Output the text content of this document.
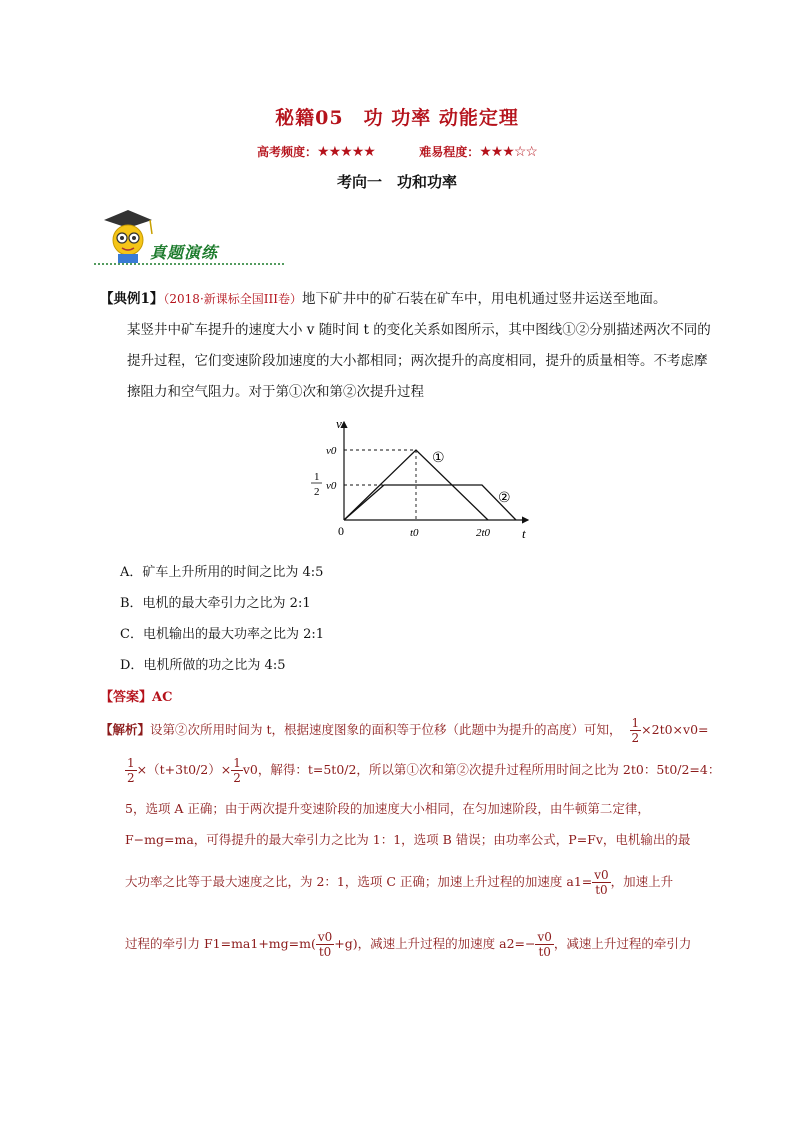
秘籍05　功 功率 动能定理
高考频度：★★★★★	难易程度：★★★☆☆
考向一　功和功率
真题演练
【典例1】（2018·新课标全国III卷）地下矿井中的矿石装在矿车中，用电机通过竖井运送至地面。
某竖井中矿车提升的速度大小 v 随时间 t 的变化关系如图所示，其中图线①②分别描述两次不同的
提升过程，它们变速阶段加速度的大小都相同；两次提升的高度相同，提升的质量相等。不考虑摩
擦阻力和空气阻力。对于第①次和第②次提升过程
v
t
0
v0
1
2 v0
t0	2t0
①
②
A．矿车上升所用的时间之比为 4:5
B．电机的最大牵引力之比为 2:1
C．电机输出的最大功率之比为 2:1
D．电机所做的功之比为 4:5
【答案】AC
【解析】设第②次所用时间为 t，根据速度图象的面积等于位移（此题中为提升的高度）可知， $\frac{1}{2} \times 2t0\times v0=$
$\frac{1}{2} \times(t+3t0/2)\times \frac{1}{2} v0$，解得：t=5t0/2，所以第①次和第②次提升过程所用时间之比为 2t0：5t0/2=4：
5，选项 A 正确；由于两次提升变速阶段的加速度大小相同，在匀加速阶段，由牛顿第二定律，
F−mg=ma，可得提升的最大牵引力之比为 1：1，选项 B 错误；由功率公式，P=Fv，电机输出的最
大功率之比等于最大速度之比，为 2：1，选项 C 正确；加速上升过程的加速度 $a1= \frac{v0}{t0}$ ，加速上升
过程的牵引力 $F1=ma1+mg=m( \frac{v0}{t0} +g)$，减速上升过程的加速度 $a2=- \frac{v0}{t0}$ ，减速上升过程的牵引力
